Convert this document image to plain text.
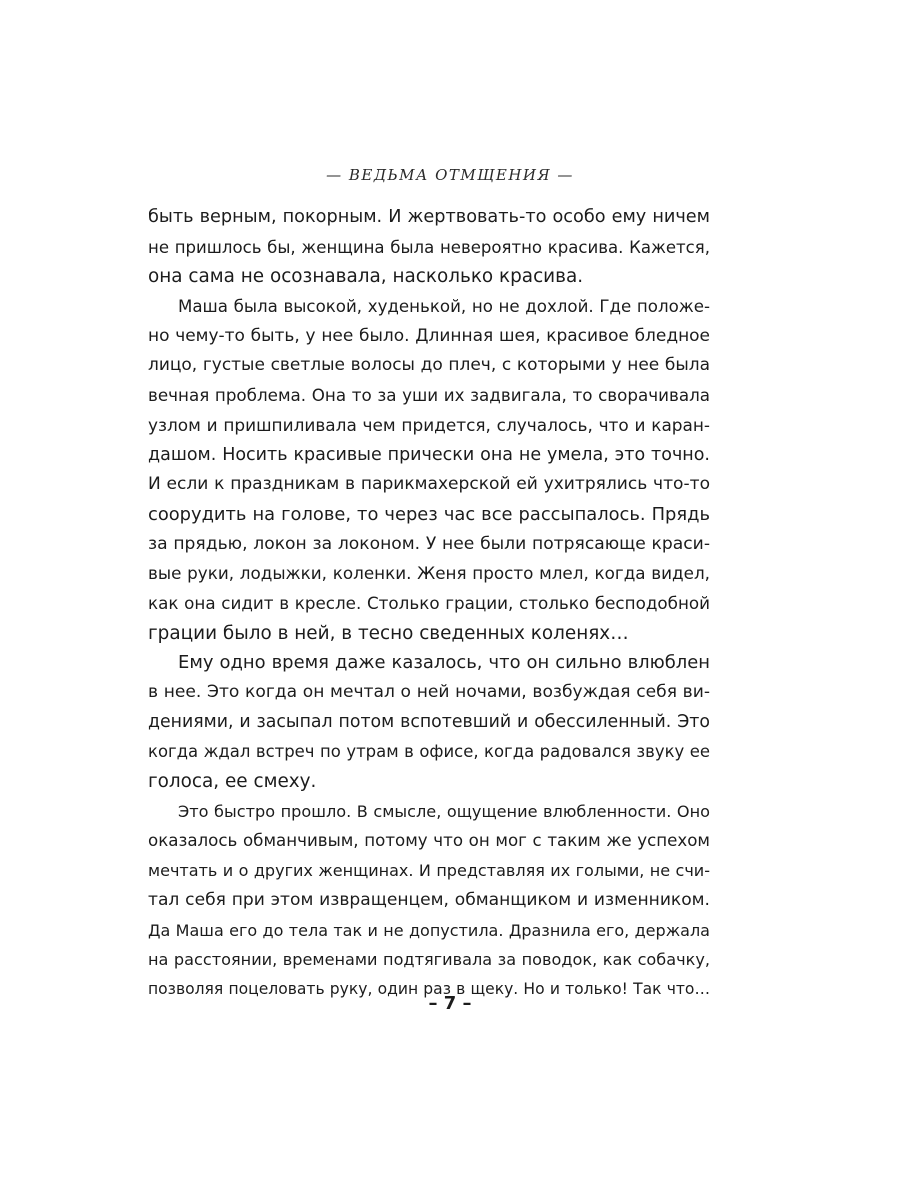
— ВЕДЬМА ОТМЩЕНИЯ —
быть верным, покорным. И жертвовать-то особо ему ничем
не пришлось бы, женщина была невероятно красива. Кажется,
она сама не осознавала, насколько красива.
Маша была высокой, худенькой, но не дохлой. Где положе-
но чему-то быть, у нее было. Длинная шея, красивое бледное
лицо, густые светлые волосы до плеч, с которыми у нее была
вечная проблема. Она то за уши их задвигала, то сворачивала
узлом и пришпиливала чем придется, случалось, что и каран-
дашом. Носить красивые прически она не умела, это точно.
И если к праздникам в парикмахерской ей ухитрялись что-то
соорудить на голове, то через час все рассыпалось. Прядь
за прядью, локон за локоном. У нее были потрясающе краси-
вые руки, лодыжки, коленки. Женя просто млел, когда видел,
как она сидит в кресле. Столько грации, столько бесподобной
грации было в ней, в тесно сведенных коленях…
Ему одно время даже казалось, что он сильно влюблен
в нее. Это когда он мечтал о ней ночами, возбуждая себя ви-
дениями, и засыпал потом вспотевший и обессиленный. Это
когда ждал встреч по утрам в офисе, когда радовался звуку ее
голоса, ее смеху.
Это быстро прошло. В смысле, ощущение влюбленности. Оно
оказалось обманчивым, потому что он мог с таким же успехом
мечтать и о других женщинах. И представляя их голыми, не счи-
тал себя при этом извращенцем, обманщиком и изменником.
Да Маша его до тела так и не допустила. Дразнила его, держала
на расстоянии, временами подтягивала за поводок, как собачку,
позволяя поцеловать руку, один раз в щеку. Но и только! Так что…
– 7 –
